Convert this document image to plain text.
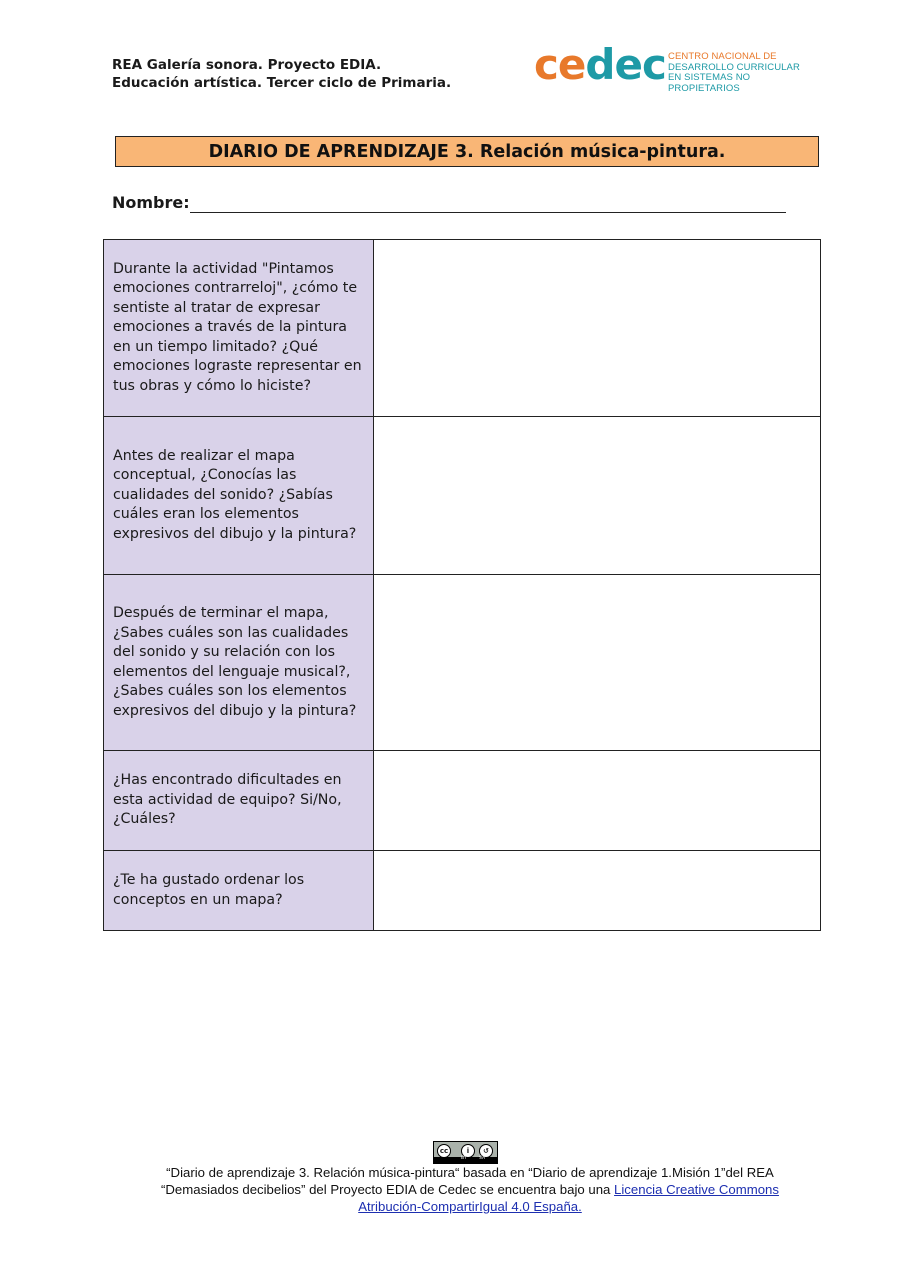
REA Galería sonora. Proyecto EDIA.
Educación artística. Tercer ciclo de Primaria. cedec CENTRO NACIONAL DE
DESARROLLO CURRICULAR
EN SISTEMAS NO PROPIETARIOS
DIARIO DE APRENDIZAJE 3. Relación música-pintura.
Nombre:
Durante la actividad "Pintamos emociones contrarreloj", ¿cómo te sentiste al tratar de expresar emociones a través de la pintura en un tiempo limitado? ¿Qué emociones lograste representar en tus obras y cómo lo hiciste?	
Antes de realizar el mapa conceptual, ¿Conocías las cualidades del sonido? ¿Sabías cuáles eran los elementos expresivos del dibujo y la pintura?	
Después de terminar el mapa, ¿Sabes cuáles son las cualidades del sonido y su relación con los elementos del lenguaje musical?, ¿Sabes cuáles son los elementos expresivos del dibujo y la pintura?	
¿Has encontrado dificultades en esta actividad de equipo? Si/No, ¿Cuáles?	
¿Te ha gustado ordenar los conceptos en un mapa?	
cc	i	↺
BY	SA
“Diario de aprendizaje 3. Relación música-pintura“ basada en “Diario de aprendizaje 1.Misión 1”del REA
“Demasiados decibelios” del Proyecto EDIA de Cedec se encuentra bajo una Licencia Creative Commons
Atribución-CompartirIgual 4.0 España.
